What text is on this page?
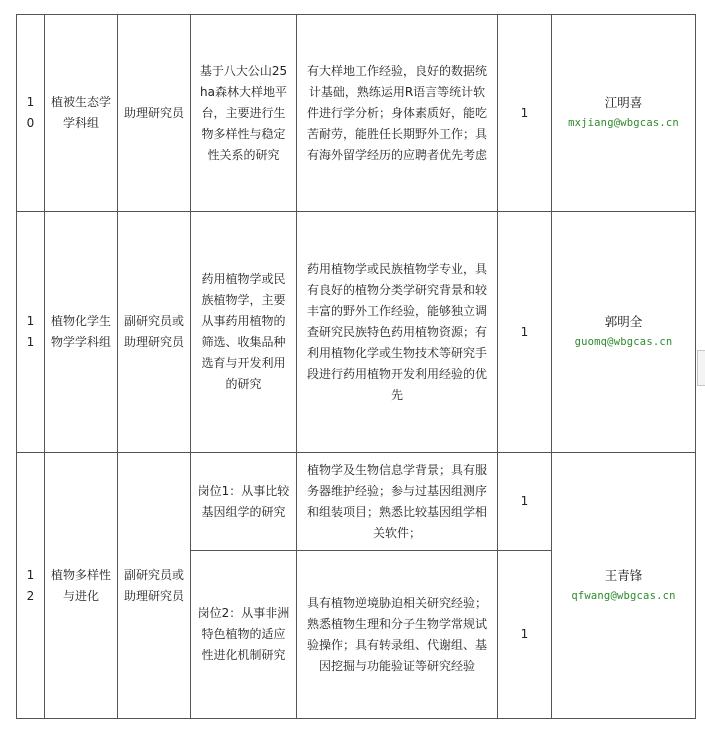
10	植被生态学学科组	助理研究员	基于八大公山25ha森林大样地平台，主要进行生物多样性与稳定性关系的研究	有大样地工作经验，良好的数据统计基础，熟练运用R语言等统计软件进行学分析；身体素质好，能吃苦耐劳，能胜任长期野外工作；具有海外留学经历的应聘者优先考虑	1	江明喜
mxjiang@wbgcas.cn

11	植物化学生物学学科组	副研究员或助理研究员	药用植物学或民族植物学，主要从事药用植物的筛选、收集品种选育与开发利用的研究	药用植物学或民族植物学专业，具有良好的植物分类学研究背景和较丰富的野外工作经验，能够独立调查研究民族特色药用植物资源；有利用植物化学或生物技术等研究手段进行药用植物开发利用经验的优先	1	郭明全
guomq@wbgcas.cn

12	植物多样性与进化	副研究员或助理研究员	岗位1：从事比较基因组学的研究	植物学及生物信息学背景；具有服务器维护经验；参与过基因组测序和组装项目；熟悉比较基因组学相关软件；	1	王青锋
qfwang@wbgcas.cn

			岗位2：从事非洲特色植物的适应性进化机制研究	具有植物逆境胁迫相关研究经验；熟悉植物生理和分子生物学常规试验操作；具有转录组、代谢组、基因挖掘与功能验证等研究经验	1	
